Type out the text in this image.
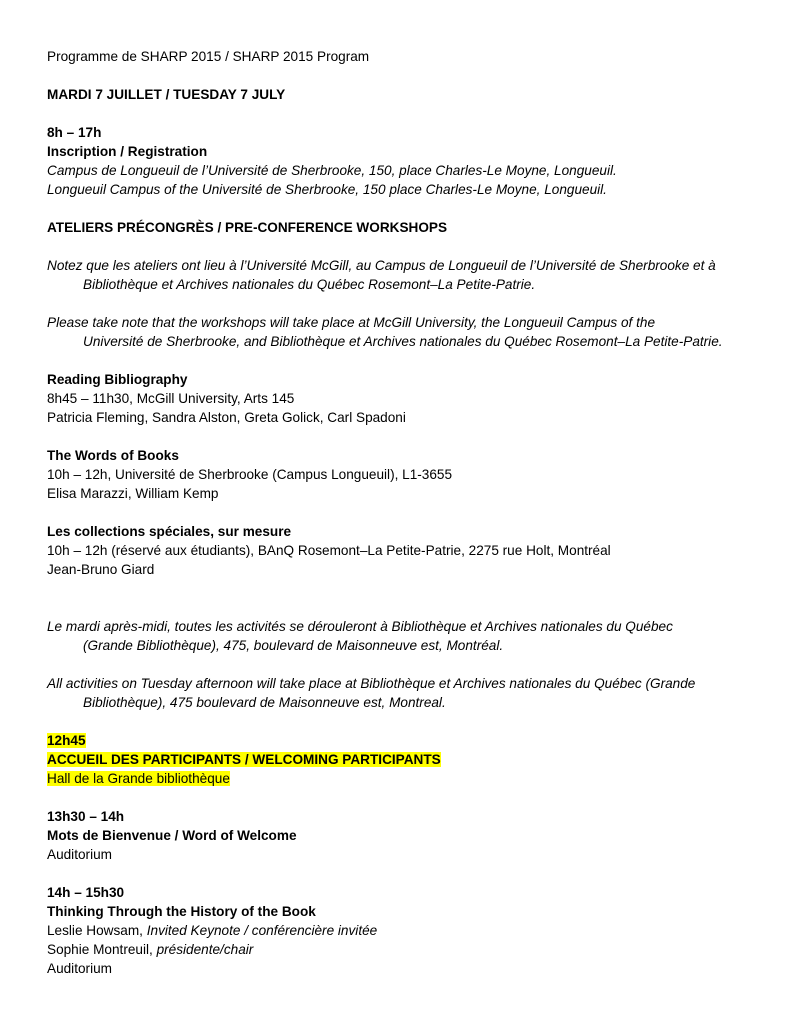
Programme de SHARP 2015 / SHARP 2015 Program
MARDI 7 JUILLET / TUESDAY 7 JULY
8h – 17h
Inscription / Registration
Campus de Longueuil de l’Université de Sherbrooke, 150, place Charles-Le Moyne, Longueuil.
Longueuil Campus of the Université de Sherbrooke, 150 place Charles-Le Moyne, Longueuil.
ATELIERS PRÉCONGRÈS / PRE-CONFERENCE WORKSHOPS
Notez que les ateliers ont lieu à l’Université McGill, au Campus de Longueuil de l’Université de Sherbrooke et à
Bibliothèque et Archives nationales du Québec Rosemont–La Petite-Patrie.
Please take note that the workshops will take place at McGill University, the Longueuil Campus of the
Université de Sherbrooke, and Bibliothèque et Archives nationales du Québec Rosemont–La Petite-Patrie.
Reading Bibliography
8h45 – 11h30, McGill University, Arts 145
Patricia Fleming, Sandra Alston, Greta Golick, Carl Spadoni
The Words of Books
10h – 12h, Université de Sherbrooke (Campus Longueuil), L1-3655
Elisa Marazzi, William Kemp
Les collections spéciales, sur mesure
10h – 12h (réservé aux étudiants), BAnQ Rosemont–La Petite-Patrie, 2275 rue Holt, Montréal
Jean-Bruno Giard
Le mardi après-midi, toutes les activités se dérouleront à Bibliothèque et Archives nationales du Québec
(Grande Bibliothèque), 475, boulevard de Maisonneuve est, Montréal.
All activities on Tuesday afternoon will take place at Bibliothèque et Archives nationales du Québec (Grande
Bibliothèque), 475 boulevard de Maisonneuve est, Montreal.
12h45
ACCUEIL DES PARTICIPANTS / WELCOMING PARTICIPANTS
Hall de la Grande bibliothèque
13h30 – 14h
Mots de Bienvenue / Word of Welcome
Auditorium
14h – 15h30
Thinking Through the History of the Book
Leslie Howsam, Invited Keynote / conférencière invitée
Sophie Montreuil, présidente/chair
Auditorium
